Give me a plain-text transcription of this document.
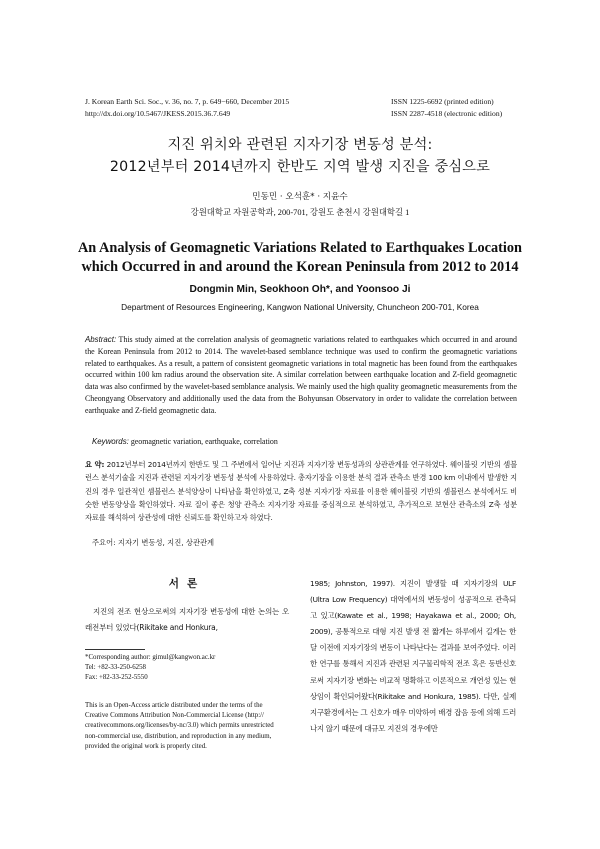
J. Korean Earth Sci. Soc., v. 36, no. 7, p. 649−660, December 2015
http://dx.doi.org/10.5467/JKESS.2015.36.7.649
ISSN 1225-6692 (printed edition)
ISSN 2287-4518 (electronic edition)
지진 위치와 관련된 지자기장 변동성 분석:
2012년부터 2014년까지 한반도 지역 발생 지진을 중심으로
민동민 · 오석훈* · 지윤수
강원대학교 자원공학과, 200-701, 강원도 춘천시 강원대학길 1
An Analysis of Geomagnetic Variations Related to Earthquakes Location
which Occurred in and around the Korean Peninsula from 2012 to 2014
Dongmin Min, Seokhoon Oh*, and Yoonsoo Ji
Department of Resources Engineering, Kangwon National University, Chuncheon 200-701, Korea
Abstract: This study aimed at the correlation analysis of geomagnetic variations related to earthquakes which occurred in and around the Korean Peninsula from 2012 to 2014. The wavelet-based semblance technique was used to confirm the geomagnetic variations related to earthquakes. As a result, a pattern of consistent geomagnetic variations in total magnetic has been found from the earthquakes occurred within 100 km radius around the observation site. A similar correlation between earthquake location and Z-field geomagnetic data was also confirmed by the wavelet-based semblance analysis. We mainly used the high quality geomagnetic measurements from the Cheongyang Observatory and additionally used the data from the Bohyunsan Observatory in order to validate the correlation between earthquake and Z-field geomagnetic data.
Keywords: geomagnetic variation, earthquake, correlation
요 약: 2012년부터 2014년까지 한반도 및 그 주변에서 일어난 지진과 지자기장 변동성과의 상관관계를 연구하였다. 웨이블릿 기반의 셈블런스 분석기술을 지진과 관련된 지자기장 변동성 분석에 사용하였다. 총자기장을 이용한 분석 결과 관측소 반경 100 km 이내에서 발생한 지진의 경우 일관적인 셈블런스 분석양상이 나타남을 확인하였고, Z축 성분 지자기장 자료를 이용한 웨이블릿 기반의 셈블런스 분석에서도 비슷한 변동양상을 확인하였다. 자료 질이 좋은 청양 관측소 지자기장 자료를 중심적으로 분석하였고, 추가적으로 보현산 관측소의 Z축 성분 자료를 해석하여 상관성에 대한 신뢰도를 확인하고자 하였다.
주요어: 지자기 변동성, 지진, 상관관계
서론
지진의 전조 현상으로써의 지자기장 변동성에 대한 논의는 오래전부터 있었다(Rikitake and Honkura,
*Corresponding author: gimul@kangwon.ac.kr
Tel: +82-33-250-6258
Fax: +82-33-252-5550
This is an Open-Access article distributed under the terms of the
Creative Commons Attribution Non-Commercial License (http://
creativecommons.org/licenses/by-nc/3.0) which permits unrestricted
non-commercial use, distribution, and reproduction in any medium,
provided the original work is properly cited.
1985; Johnston, 1997). 지진이 발생할 때 지자기장의 ULF (Ultra Low Frequency) 대역에서의 변동성이 성공적으로 관측되고 있고(Kawate et al., 1998; Hayakawa et al., 2000; Oh, 2009), 공통적으로 대형 지진 발생 전 짧게는 하루에서 길게는 한 달 이전에 지자기장의 변동이 나타난다는 결과를 보여주었다. 이러한 연구를 통해서 지진과 관련된 지구물리학적 전조 혹은 동반신호로써 지자기장 변화는 비교적 명확하고 이론적으로 개연성 있는 현상임이 확인되어왔다(Rikitake and Honkura, 1985). 다만, 실제 지구환경에서는 그 신호가 매우 미약하여 배경 잡음 등에 의해 드러나지 않기 때문에 대규모 지진의 경우에만
